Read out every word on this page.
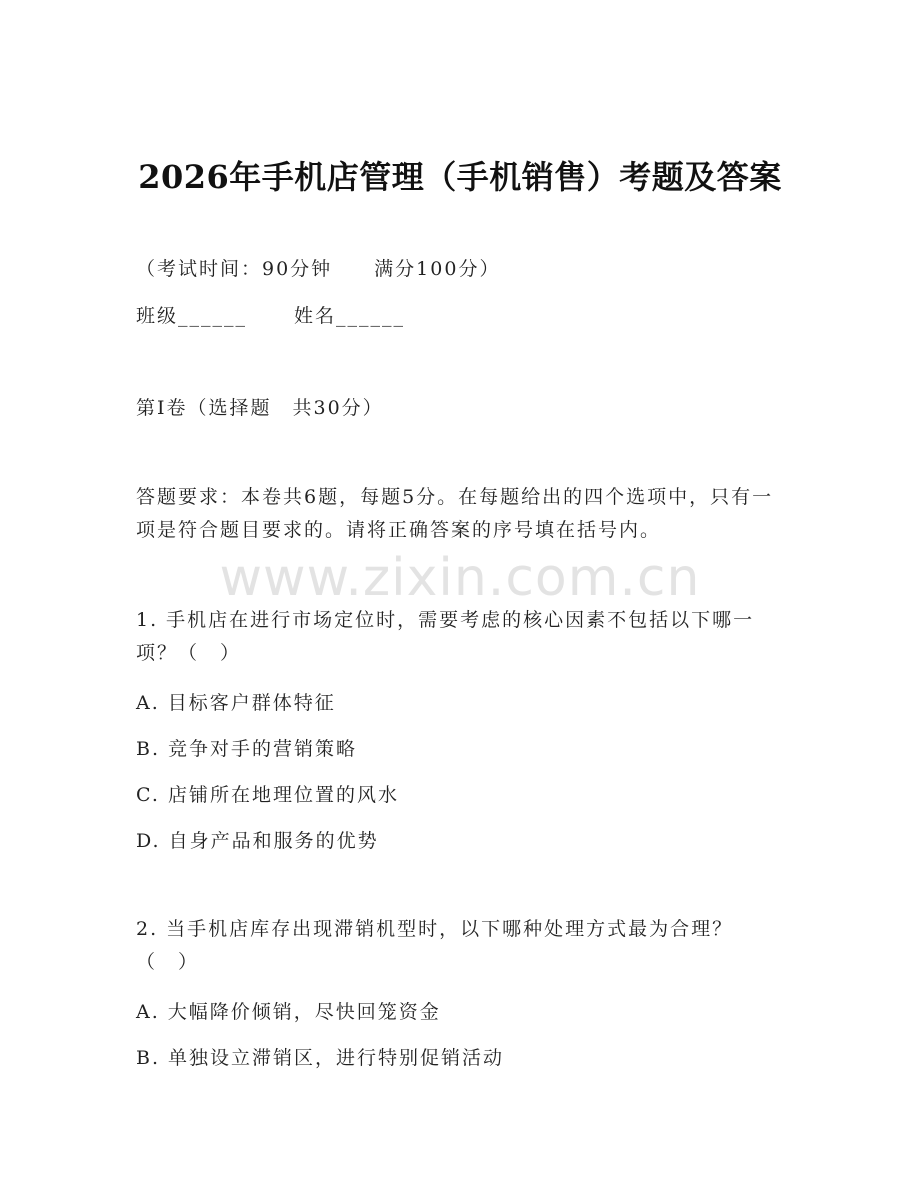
2026年手机店管理（手机销售）考题及答案
（考试时间：90分钟　　满分100分）
班级______ 姓名______
第I卷（选择题　共30分）
答题要求：本卷共6题，每题5分。在每题给出的四个选项中，只有一项是符合题目要求的。请将正确答案的序号填在括号内。
www.zixin.com.cn
1. 手机店在进行市场定位时，需要考虑的核心因素不包括以下哪一项？（　）
A. 目标客户群体特征
B. 竞争对手的营销策略
C. 店铺所在地理位置的风水
D. 自身产品和服务的优势
2. 当手机店库存出现滞销机型时，以下哪种处理方式最为合理？（　）
A. 大幅降价倾销，尽快回笼资金
B. 单独设立滞销区，进行特别促销活动
